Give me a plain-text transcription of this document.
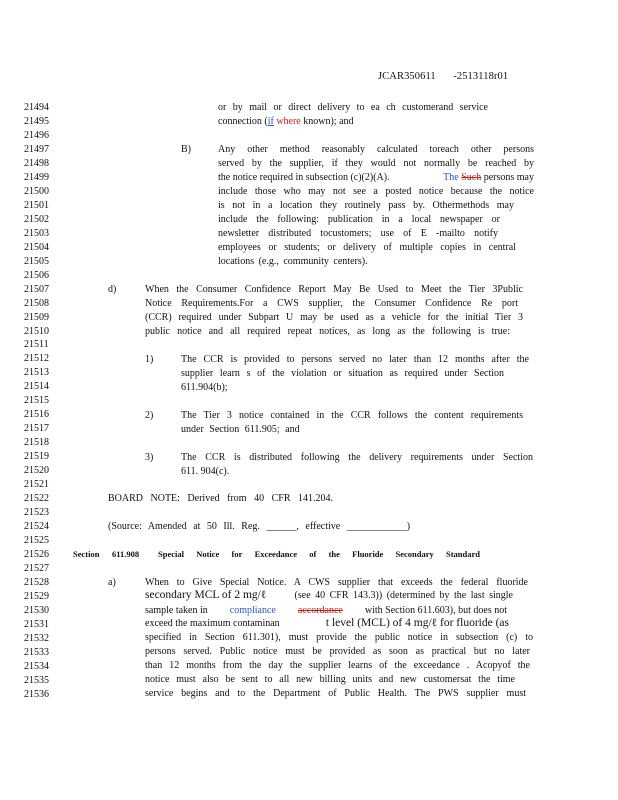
JCAR350611 -2513118r01
21494
21495
21496
21497
21498
21499
21500
21501
21502
21503
21504
21505
21506
21507
21508
21509
21510
21511
21512
21513
21514
21515
21516
21517
21518
21519
21520
21521
21522
21523
21524
21525
21526
21527
21528
21529
21530
21531
21532
21533
21534
21535
21536
or by mail or direct delivery to ea ch customerand service
connection (if where known); and
B)	Any other method reasonably calculated toreach other persons
served by the supplier, if they would not normally be reached by
the notice required in subsection (c)(2)(A).	The Such persons may
include those who may not see a posted notice because the notice
is not in a location they routinely pass by. Othermethods may
include the following: publication in a local newspaper or
newsletter distributed tocustomers; use of E -mailto notify
employees or students; or delivery of multiple copies in central
locations (e.g., community centers).
d)	When the Consumer Confidence Report May Be Used to Meet the Tier 3Public
Notice Requirements.For a CWS supplier, the Consumer Confidence Re port
(CCR) required under Subpart U may be used as a vehicle for the initial Tier 3
public notice and all required repeat notices, as long as the following is true:
1)	The CCR is provided to persons served no later than 12 months after the
supplier learn s of the violation or situation as required under Section
611.904(b);
2)	The Tier 3 notice contained in the CCR follows the content requirements
under Section 611.905; and
3)	The CCR is distributed following the delivery requirements under Section
611. 904(c).
BOARD NOTE: Derived from 40 CFR 141.204.
(Source: Amended at 50 Ill. Reg. ______, effective ____________)
Section 611.908 Special Notice for Exceedance of the Fluoride Secondary Standard
a)	When to Give Special Notice. A CWS supplier that exceeds the federal fluoride
secondary MCL of 2 mg/ℓ	(see 40 CFR 143.3)) (determined by the last single
sample taken in compliance accordance with Section 611.603), but does not
exceed the maximum contaminan	t level (MCL) of 4 mg/ℓ for fluoride (as
specified in Section 611.301), must provide the public notice in subsection (c) to
persons served. Public notice must be provided as soon as practical but no later
than 12 months from the day the supplier learns of the exceedance . Acopyof the
notice must also be sent to all new billing units and new customersat the time
service begins and to the Department of Public Health. The PWS supplier must
